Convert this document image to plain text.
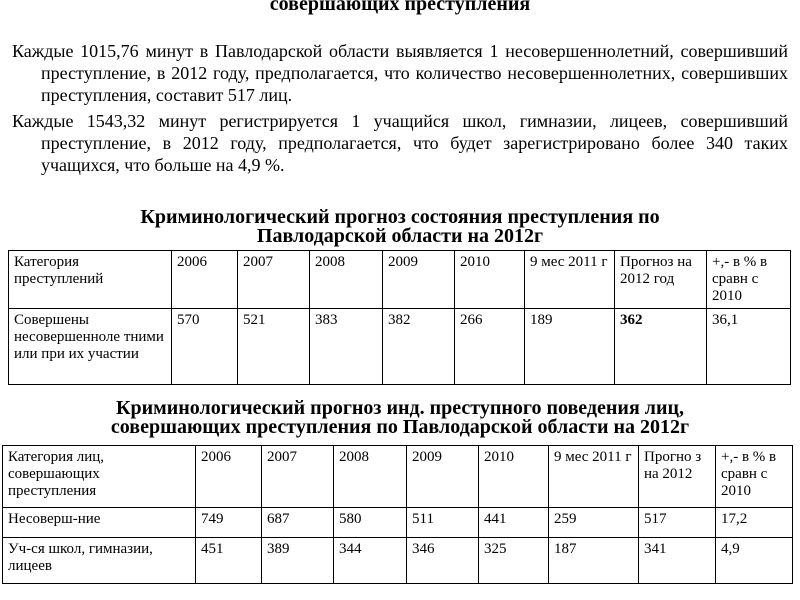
совершающих преступления

Каждые 1015,76 минут в Павлодарской области выявляется 1 несовершеннолетний, совершивший преступление, в 2012 году, предполагается, что количество несовершеннолетних, совершивших преступления, составит 517 лиц.

Каждые 1543,32 минут регистрируется 1 учащийся школ, гимназии, лицеев, совершивший преступление, в 2012 году, предполагается, что будет зарегистрировано более 340 таких учащихся, что больше на 4,9 %.

Криминологический прогноз состояния преступления по
Павлодарской области на 2012г
Категория преступлений	2006	2007	2008	2009	2010	9 мес 2011 г	Прогноз на 2012 год	+,- в % в сравн с 2010
Совершены несовершенноле тними или при их участии	570	521	383	382	266	189	362	36,1
Криминологический прогноз инд. преступного поведения лиц,
совершающих преступления по Павлодарской области на 2012г
Категория лиц, совершающих преступления	2006	2007	2008	2009	2010	9 мес 2011 г	Прогно з на 2012	+,- в % в сравн с 2010
Несоверш-ние	749	687	580	511	441	259	517	17,2
Уч-ся школ, гимназии, лицеев	451	389	344	346	325	187	341	4,9
